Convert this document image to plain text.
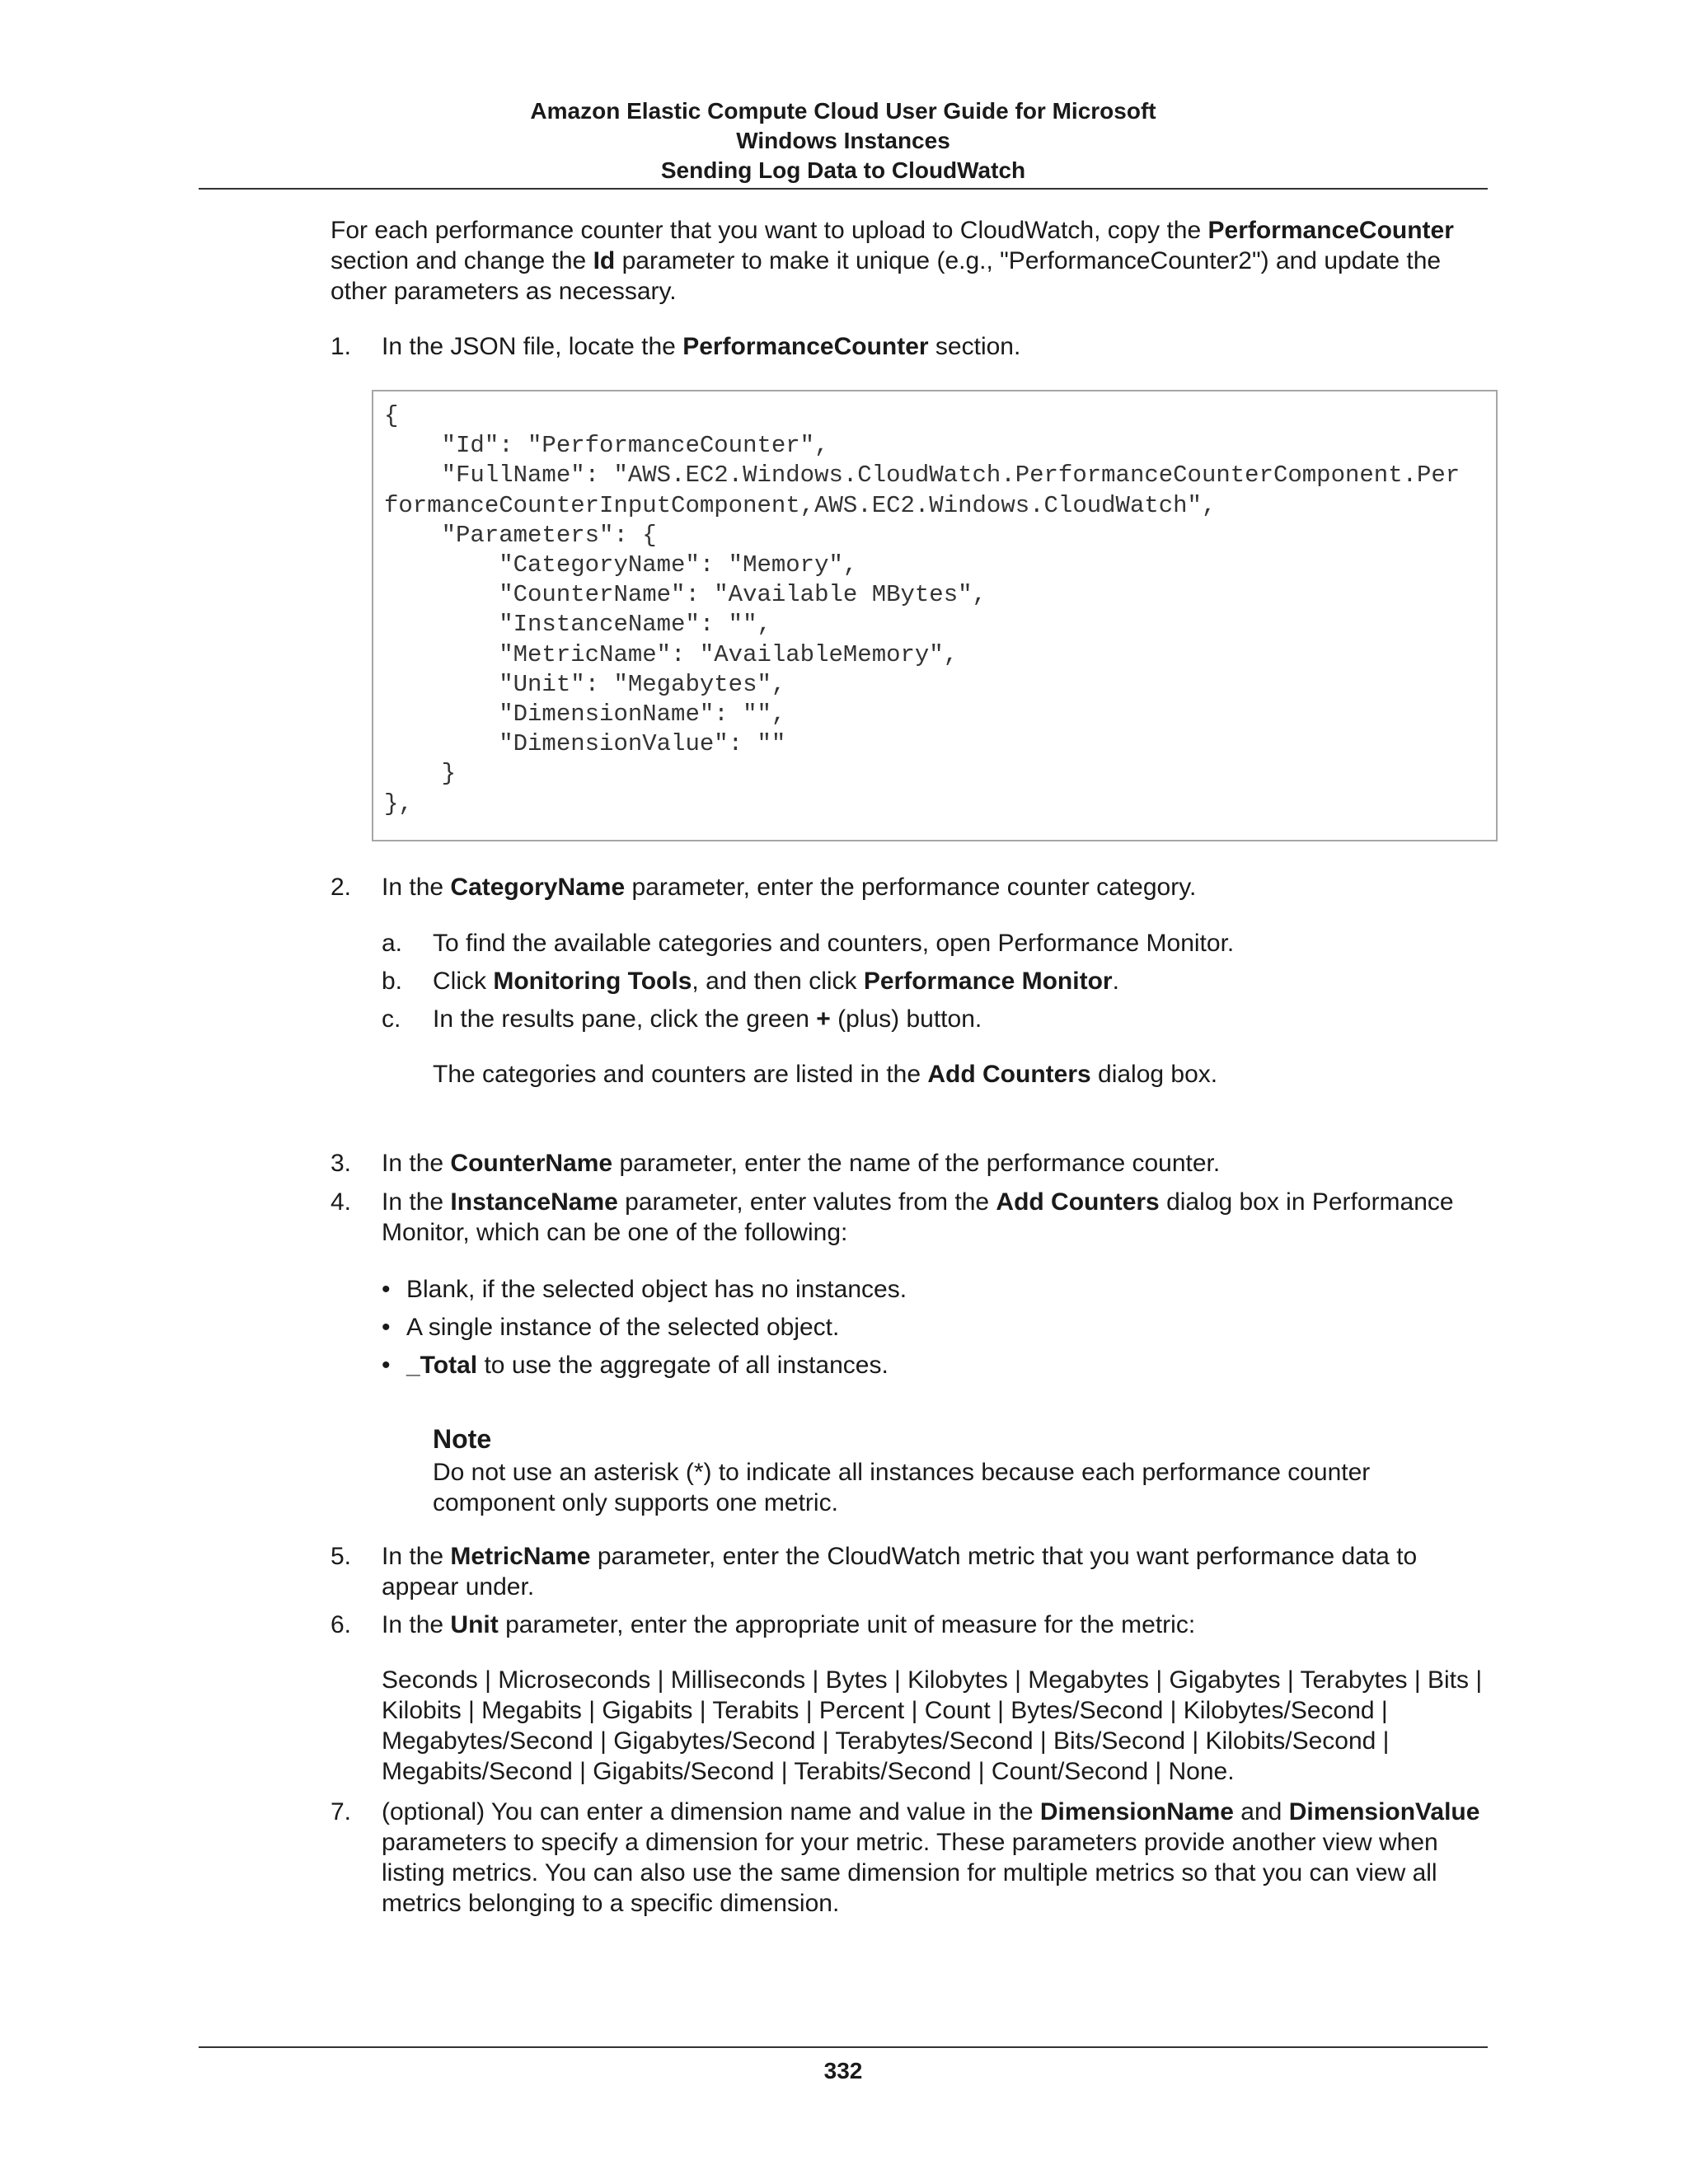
Amazon Elastic Compute Cloud User Guide for Microsoft
Windows Instances
Sending Log Data to CloudWatch
For each performance counter that you want to upload to CloudWatch, copy the PerformanceCounter section and change the Id parameter to make it unique (e.g., "PerformanceCounter2") and update the other parameters as necessary.
1. In the JSON file, locate the PerformanceCounter section.
{
"Id": "PerformanceCounter",
"FullName": "AWS.EC2.Windows.CloudWatch.PerformanceCounterComponent.Per
formanceCounterInputComponent,AWS.EC2.Windows.CloudWatch",
"Parameters": {
"CategoryName": "Memory",
"CounterName": "Available MBytes",
"InstanceName": "",
"MetricName": "AvailableMemory",
"Unit": "Megabytes",
"DimensionName": "",
"DimensionValue": ""
}
},
2. In the CategoryName parameter, enter the performance counter category.
a. To find the available categories and counters, open Performance Monitor.
b. Click Monitoring Tools, and then click Performance Monitor.
c. In the results pane, click the green + (plus) button.
The categories and counters are listed in the Add Counters dialog box.
3. In the CounterName parameter, enter the name of the performance counter.
4. In the InstanceName parameter, enter valutes from the Add Counters dialog box in Performance Monitor, which can be one of the following:
• Blank, if the selected object has no instances.
• A single instance of the selected object.
• _Total to use the aggregate of all instances.
Note
Do not use an asterisk (*) to indicate all instances because each performance counter component only supports one metric.
5. In the MetricName parameter, enter the CloudWatch metric that you want performance data to appear under.
6. In the Unit parameter, enter the appropriate unit of measure for the metric:
Seconds | Microseconds | Milliseconds | Bytes | Kilobytes | Megabytes | Gigabytes | Terabytes | Bits | Kilobits | Megabits | Gigabits | Terabits | Percent | Count | Bytes/Second | Kilobytes/Second | Megabytes/Second | Gigabytes/Second | Terabytes/Second | Bits/Second | Kilobits/Second | Megabits/Second | Gigabits/Second | Terabits/Second | Count/Second | None.
7. (optional) You can enter a dimension name and value in the DimensionName and DimensionValue parameters to specify a dimension for your metric. These parameters provide another view when listing metrics. You can also use the same dimension for multiple metrics so that you can view all metrics belonging to a specific dimension.
332
